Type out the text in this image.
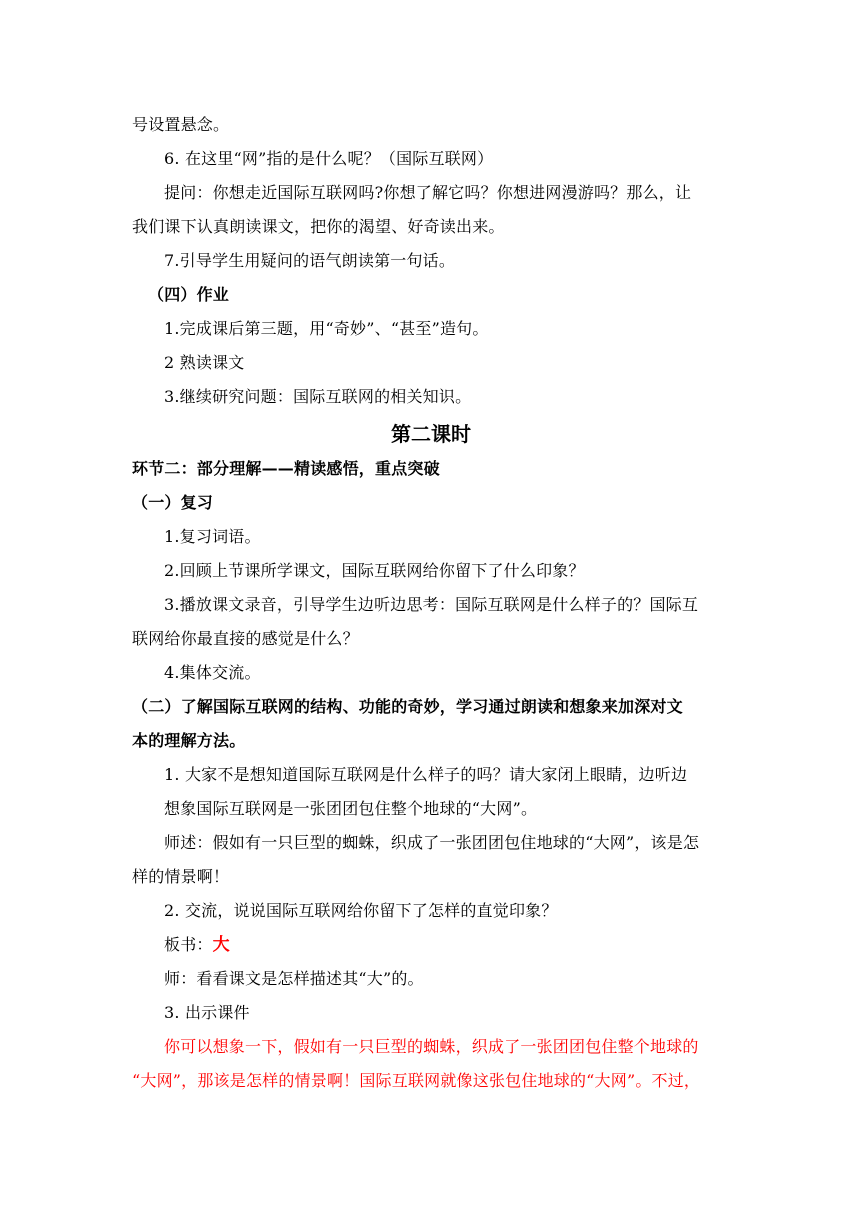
号设置悬念。
6. 在这里“网”指的是什么呢？（国际互联网）
提问：你想走近国际互联网吗?你想了解它吗？你想进网漫游吗？那么，让
我们课下认真朗读课文，把你的渴望、好奇读出来。
7.引导学生用疑问的语气朗读第一句话。
（四）作业
1.完成课后第三题，用“奇妙”、“甚至”造句。
2 熟读课文
3.继续研究问题：国际互联网的相关知识。
第二课时
环节二：部分理解——精读感悟，重点突破
（一）复习
1.复习词语。
2.回顾上节课所学课文，国际互联网给你留下了什么印象？
3.播放课文录音，引导学生边听边思考：国际互联网是什么样子的？国际互
联网给你最直接的感觉是什么？
4.集体交流。
（二）了解国际互联网的结构、功能的奇妙，学习通过朗读和想象来加深对文
本的理解方法。
1. 大家不是想知道国际互联网是什么样子的吗？请大家闭上眼睛，边听边
想象国际互联网是一张团团包住整个地球的“大网”。
师述：假如有一只巨型的蜘蛛，织成了一张团团包住地球的“大网”，该是怎
样的情景啊！
2. 交流，说说国际互联网给你留下了怎样的直觉印象？
板书：大
师：看看课文是怎样描述其“大”的。
3. 出示课件
你可以想象一下，假如有一只巨型的蜘蛛，织成了一张团团包住整个地球的
“大网”，那该是怎样的情景啊！国际互联网就像这张包住地球的“大网”。不过，
